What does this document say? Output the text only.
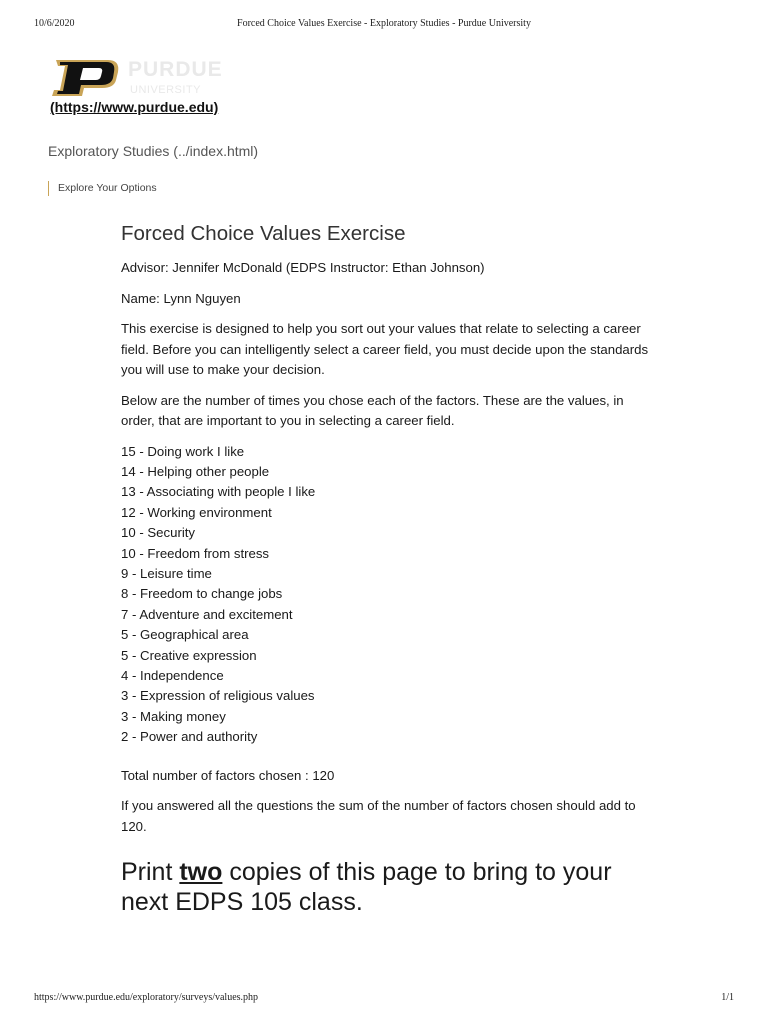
10/6/2020	Forced Choice Values Exercise - Exploratory Studies - Purdue University
PURDUE
UNIVERSITY
(https://www.purdue.edu)
Exploratory Studies (../index.html)
Explore Your Options
Forced Choice Values Exercise

Advisor: Jennifer McDonald (EDPS Instructor: Ethan Johnson)

Name: Lynn Nguyen

This exercise is designed to help you sort out your values that relate to selecting a career field. Before you can intelligently select a career field, you must decide upon the standards you will use to make your decision.

Below are the number of times you chose each of the factors. These are the values, in order, that are important to you in selecting a career field.

15 - Doing work I like
14 - Helping other people
13 - Associating with people I like
12 - Working environment
10 - Security
10 - Freedom from stress
9 - Leisure time
8 - Freedom to change jobs
7 - Adventure and excitement
5 - Geographical area
5 - Creative expression
4 - Independence
3 - Expression of religious values
3 - Making money
2 - Power and authority

Total number of factors chosen : 120

If you answered all the questions the sum of the number of factors chosen should add to 120.

Print two copies of this page to bring to your next EDPS 105 class.
https://www.purdue.edu/exploratory/surveys/values.php	1/1
